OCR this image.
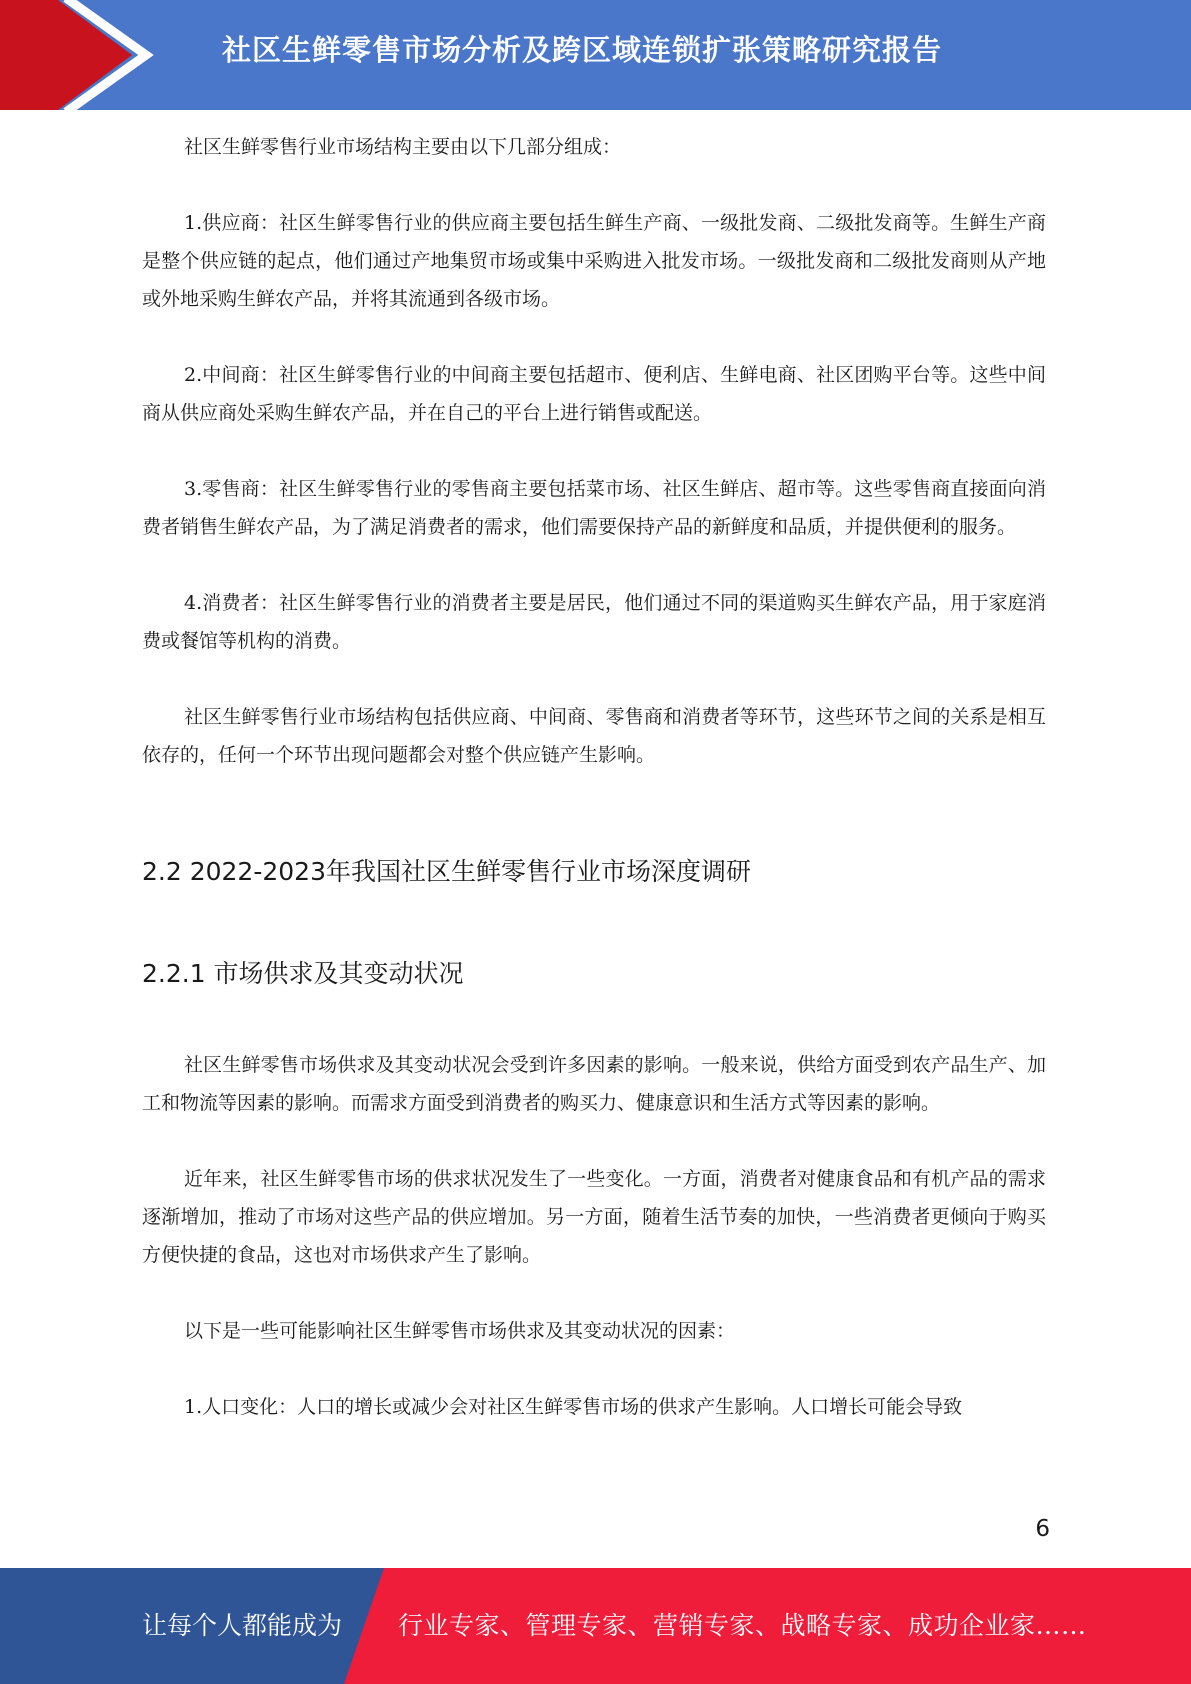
社区生鲜零售市场分析及跨区域连锁扩张策略研究报告

社区生鲜零售行业市场结构主要由以下几部分组成：

1.供应商：社区生鲜零售行业的供应商主要包括生鲜生产商、一级批发商、二级批发商等。生鲜生产商是整个供应链的起点，他们通过产地集贸市场或集中采购进入批发市场。一级批发商和二级批发商则从产地或外地采购生鲜农产品，并将其流通到各级市场。

2.中间商：社区生鲜零售行业的中间商主要包括超市、便利店、生鲜电商、社区团购平台等。这些中间商从供应商处采购生鲜农产品，并在自己的平台上进行销售或配送。

3.零售商：社区生鲜零售行业的零售商主要包括菜市场、社区生鲜店、超市等。这些零售商直接面向消费者销售生鲜农产品，为了满足消费者的需求，他们需要保持产品的新鲜度和品质，并提供便利的服务。

4.消费者：社区生鲜零售行业的消费者主要是居民，他们通过不同的渠道购买生鲜农产品，用于家庭消费或餐馆等机构的消费。

社区生鲜零售行业市场结构包括供应商、中间商、零售商和消费者等环节，这些环节之间的关系是相互依存的，任何一个环节出现问题都会对整个供应链产生影响。

2.2 2022-2023年我国社区生鲜零售行业市场深度调研
2.2.1 市场供求及其变动状况

社区生鲜零售市场供求及其变动状况会受到许多因素的影响。一般来说，供给方面受到农产品生产、加工和物流等因素的影响。而需求方面受到消费者的购买力、健康意识和生活方式等因素的影响。

近年来，社区生鲜零售市场的供求状况发生了一些变化。一方面，消费者对健康食品和有机产品的需求逐渐增加，推动了市场对这些产品的供应增加。另一方面，随着生活节奏的加快，一些消费者更倾向于购买方便快捷的食品，这也对市场供求产生了影响。

以下是一些可能影响社区生鲜零售市场供求及其变动状况的因素：

1.人口变化：人口的增长或减少会对社区生鲜零售市场的供求产生影响。人口增长可能会导致

6
让每个人都能成为 行业专家、管理专家、营销专家、战略专家、成功企业家……
